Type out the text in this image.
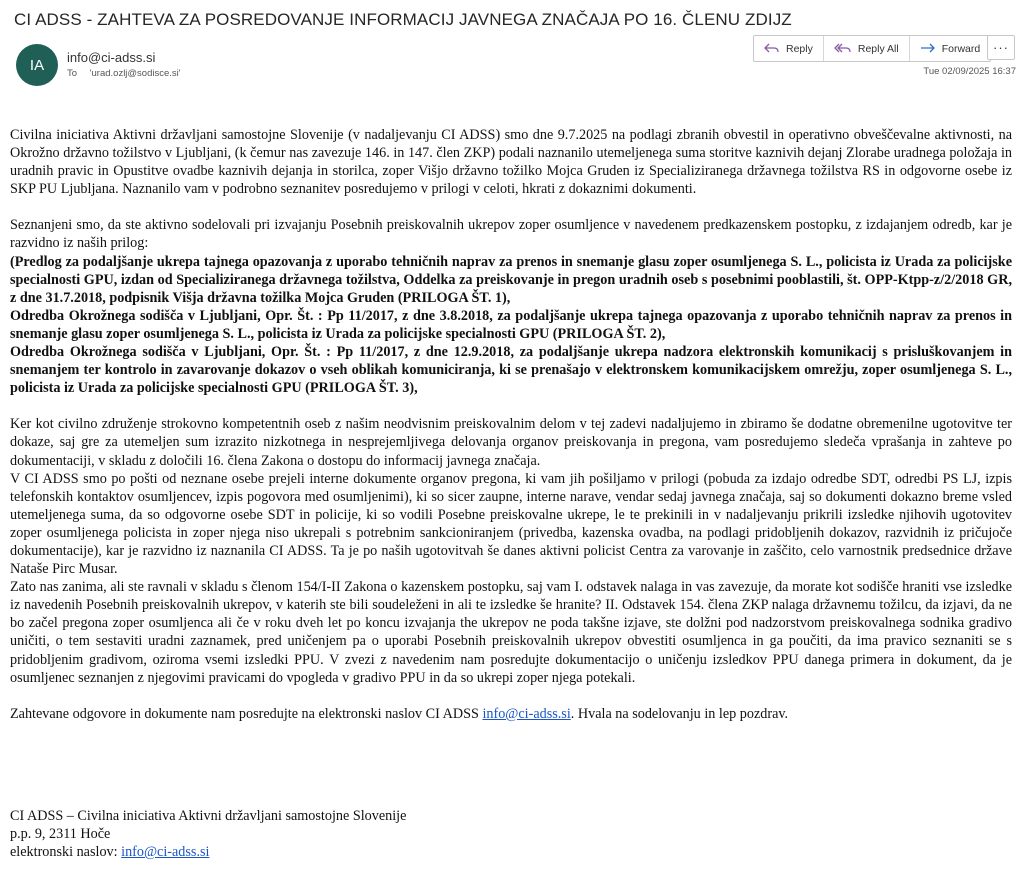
CI ADSS - ZAHTEVA ZA POSREDOVANJE INFORMACIJ JAVNEGA ZNAČAJA PO 16. ČLENU ZDIJZ
IA	info@ci-adss.si
To 'urad.ozlj@sodisce.si'
Reply	Reply All	Forward ···
Tue 02/09/2025 16:37

Civilna iniciativa Aktivni državljani samostojne Slovenije (v nadaljevanju CI ADSS) smo dne 9.7.2025 na podlagi zbranih obvestil in operativno obveščevalne aktivnosti, na Okrožno državno tožilstvo v Ljubljani, (k čemur nas zavezuje 146. in 147. člen ZKP) podali naznanilo utemeljenega suma storitve kaznivih dejanj Zlorabe uradnega položaja in uradnih pravic in Opustitve ovadbe kaznivih dejanja in storilca, zoper Višjo državno tožilko Mojca Gruden iz Specializiranega državnega tožilstva RS in odgovorne osebe iz SKP PU Ljubljana. Naznanilo vam v podrobno seznanitev posredujemo v prilogi v celoti, hkrati z dokaznimi dokumenti.

Seznanjeni smo, da ste aktivno sodelovali pri izvajanju Posebnih preiskovalnih ukrepov zoper osumljence v navedenem predkazenskem postopku, z izdajanjem odredb, kar je razvidno iz naših prilog:

(Predlog za podaljšanje ukrepa tajnega opazovanja z uporabo tehničnih naprav za prenos in snemanje glasu zoper osumljenega S. L., policista iz Urada za policijske specialnosti GPU, izdan od Specializiranega državnega tožilstva, Oddelka za preiskovanje in pregon uradnih oseb s posebnimi pooblastili, št. OPP-Ktpp-z/2/2018 GR, z dne 31.7.2018, podpisnik Višja državna tožilka Mojca Gruden (PRILOGA ŠT. 1),

Odredba Okrožnega sodišča v Ljubljani, Opr. Št. : Pp 11/2017, z dne 3.8.2018, za podaljšanje ukrepa tajnega opazovanja z uporabo tehničnih naprav za prenos in snemanje glasu zoper osumljenega S. L., policista iz Urada za policijske specialnosti GPU (PRILOGA ŠT. 2),

Odredba Okrožnega sodišča v Ljubljani, Opr. Št. : Pp 11/2017, z dne 12.9.2018, za podaljšanje ukrepa nadzora elektronskih komunikacij s prisluškovanjem in snemanjem ter kontrolo in zavarovanje dokazov o vseh oblikah komuniciranja, ki se prenašajo v elektronskem komunikacijskem omrežju, zoper osumljenega S. L., policista iz Urada za policijske specialnosti GPU (PRILOGA ŠT. 3),

Ker kot civilno združenje strokovno kompetentnih oseb z našim neodvisnim preiskovalnim delom v tej zadevi nadaljujemo in zbiramo še dodatne obremenilne ugotovitve ter dokaze, saj gre za utemeljen sum izrazito nizkotnega in nesprejemljivega delovanja organov preiskovanja in pregona, vam posredujemo sledeča vprašanja in zahteve po dokumentaciji, v skladu z določili 16. člena Zakona o dostopu do informacij javnega značaja.

V CI ADSS smo po pošti od neznane osebe prejeli interne dokumente organov pregona, ki vam jih pošiljamo v prilogi (pobuda za izdajo odredbe SDT, odredbi PS LJ, izpis telefonskih kontaktov osumljencev, izpis pogovora med osumljenimi), ki so sicer zaupne, interne narave, vendar sedaj javnega značaja, saj so dokumenti dokazno breme vsled utemeljenega suma, da so odgovorne osebe SDT in policije, ki so vodili Posebne preiskovalne ukrepe, le te prekinili in v nadaljevanju prikrili izsledke njihovih ugotovitev zoper osumljenega policista in zoper njega niso ukrepali s potrebnim sankcioniranjem (privedba, kazenska ovadba, na podlagi pridobljenih dokazov, razvidnih iz pričujoče dokumentacije), kar je razvidno iz naznanila CI ADSS. Ta je po naših ugotovitvah še danes aktivni policist Centra za varovanje in zaščito, celo varnostnik predsednice države Nataše Pirc Musar.

Zato nas zanima, ali ste ravnali v skladu s členom 154/I-II Zakona o kazenskem postopku, saj vam I. odstavek nalaga in vas zavezuje, da morate kot sodišče hraniti vse izsledke iz navedenih Posebnih preiskovalnih ukrepov, v katerih ste bili soudeleženi in ali te izsledke še hranite? II. Odstavek 154. člena ZKP nalaga državnemu tožilcu, da izjavi, da ne bo začel pregona zoper osumljenca ali če v roku dveh let po koncu izvajanja the ukrepov ne poda takšne izjave, ste dolžni pod nadzorstvom preiskovalnega sodnika gradivo uničiti, o tem sestaviti uradni zaznamek, pred uničenjem pa o uporabi Posebnih preiskovalnih ukrepov obvestiti osumljenca in ga poučiti, da ima pravico seznaniti se s pridobljenim gradivom, oziroma vsemi izsledki PPU. V zvezi z navedenim nam posredujte dokumentacijo o uničenju izsledkov PPU danega primera in dokument, da je osumljenec seznanjen z njegovimi pravicami do vpogleda v gradivo PPU in da so ukrepi zoper njega potekali.

Zahtevane odgovore in dokumente nam posredujte na elektronski naslov CI ADSS info@ci-adss.si. Hvala na sodelovanju in lep pozdrav.

CI ADSS – Civilna iniciativa Aktivni državljani samostojne Slovenije
p.p. 9, 2311 Hoče
elektronski naslov: info@ci-adss.si
